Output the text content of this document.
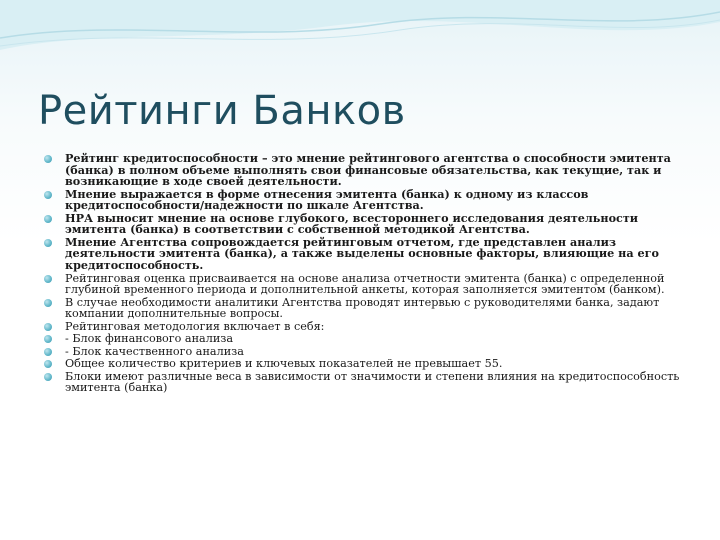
Рейтинги Банков
Рейтинг кредитоспособности – это мнение рейтингового агентства о способности эмитента (банка) в полном объеме выполнять свои финансовые обязательства, как текущие, так и возникающие в ходе своей деятельности.
Мнение выражается в форме отнесения эмитента (банка) к одному из классов кредитоспособности/надежности по шкале Агентства.
НРА выносит мнение на основе глубокого, всестороннего исследования деятельности эмитента (банка) в соответствии с собственной методикой Агентства.
Мнение Агентства сопровождается рейтинговым отчетом, где представлен анализ деятельности эмитента (банка), а также выделены основные факторы, влияющие на его кредитоспособность.
Рейтинговая оценка присваивается на основе анализа отчетности эмитента (банка) с определенной глубиной временного периода и дополнительной анкеты, которая заполняется эмитентом (банком).
В случае необходимости аналитики Агентства проводят интервью с руководителями банка, задают компании дополнительные вопросы.
Рейтинговая методология включает в себя:
- Блок финансового анализа
- Блок качественного анализа
Общее количество критериев и ключевых показателей не превышает 55.
Блоки имеют различные веса в зависимости от значимости и степени влияния на кредитоспособность эмитента (банка)
